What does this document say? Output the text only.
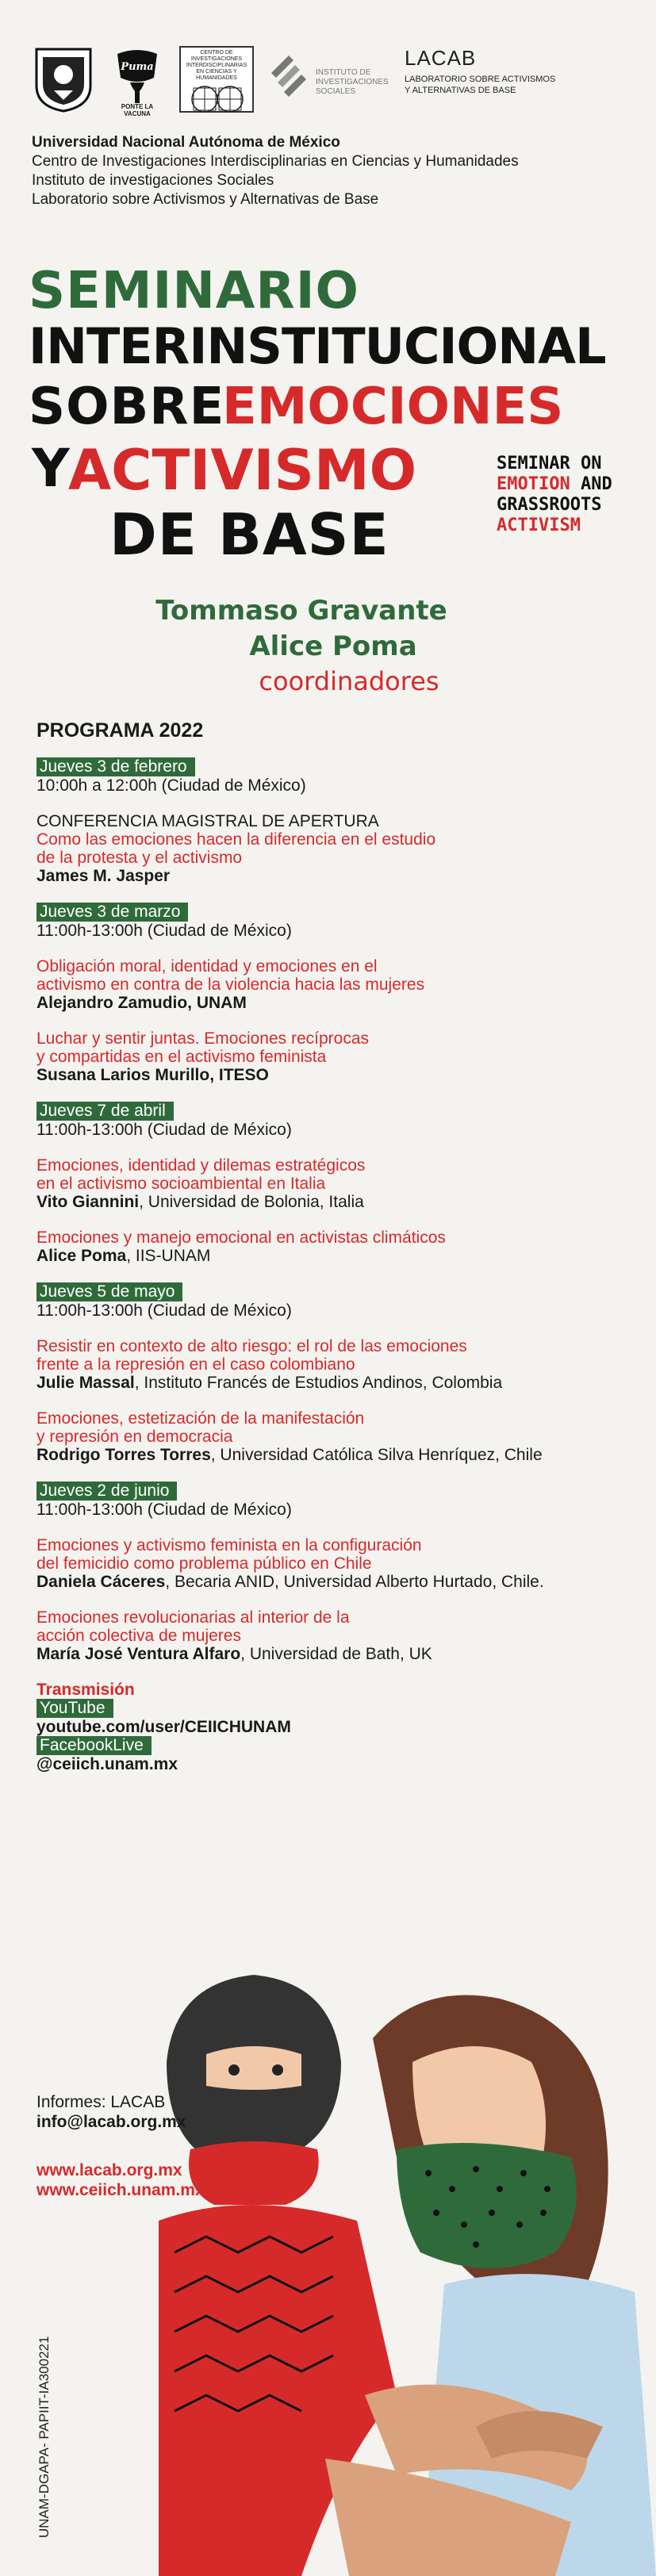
Puma
PONTE LA VACUNA
CENTRO DE INVESTIGACIONES INTERDISCIPLINARIAS EN CIENCIAS Y HUMANIDADES
INSTITUTO DE INVESTIGACIONES SOCIALES
LACAB
LABORATORIO SOBRE ACTIVISMOS
Y ALTERNATIVAS DE BASE
Universidad Nacional Autónoma de México
Centro de Investigaciones Interdisciplinarias en Ciencias y Humanidades
Instituto de investigaciones Sociales
Laboratorio sobre Activismos y Alternativas de Base
SEMINARIO
INTERINSTITUCIONAL
SOBRE
EMOCIONES
Y
ACTIVISMO
DE BASE
SEMINAR ON
EMOTION AND
GRASSROOTS
ACTIVISM
Tommaso Gravante
Alice Poma
coordinadores
PROGRAMA 2022
Jueves 3 de febrero
10:00h a 12:00h (Ciudad de México)
CONFERENCIA MAGISTRAL DE APERTURA
Como las emociones hacen la diferencia en el estudio
de la protesta y el activismo
James M. Jasper
Jueves 3 de marzo
11:00h-13:00h (Ciudad de México)
Obligación moral, identidad y emociones en el
activismo en contra de la violencia hacia las mujeres
Alejandro Zamudio, UNAM
Luchar y sentir juntas. Emociones recíprocas
y compartidas en el activismo feminista
Susana Larios Murillo, ITESO
Jueves 7 de abril
11:00h-13:00h (Ciudad de México)
Emociones, identidad y dilemas estratégicos
en el activismo socioambiental en Italia
Vito Giannini, Universidad de Bolonia, Italia
Emociones y manejo emocional en activistas climáticos
Alice Poma, IIS-UNAM
Jueves 5 de mayo
11:00h-13:00h (Ciudad de México)
Resistir en contexto de alto riesgo: el rol de las emociones
frente a la represión en el caso colombiano
Julie Massal, Instituto Francés de Estudios Andinos, Colombia
Emociones, estetización de la manifestación
y represión en democracia
Rodrigo Torres Torres, Universidad Católica Silva Henríquez, Chile
Jueves 2 de junio
11:00h-13:00h (Ciudad de México)
Emociones y activismo feminista en la configuración
del femicidio como problema público en Chile
Daniela Cáceres, Becaria ANID, Universidad Alberto Hurtado, Chile.
Emociones revolucionarias al interior de la
acción colectiva de mujeres
María José Ventura Alfaro, Universidad de Bath, UK
Transmisión
YouTube
youtube.com/user/CEIICHUNAM
FacebookLive
@ceiich.unam.mx
Informes: LACAB
info@lacab.org.mx
www.lacab.org.mx
www.ceiich.unam.mx
UNAM-DGAPA- PAPIIT-IA300221
